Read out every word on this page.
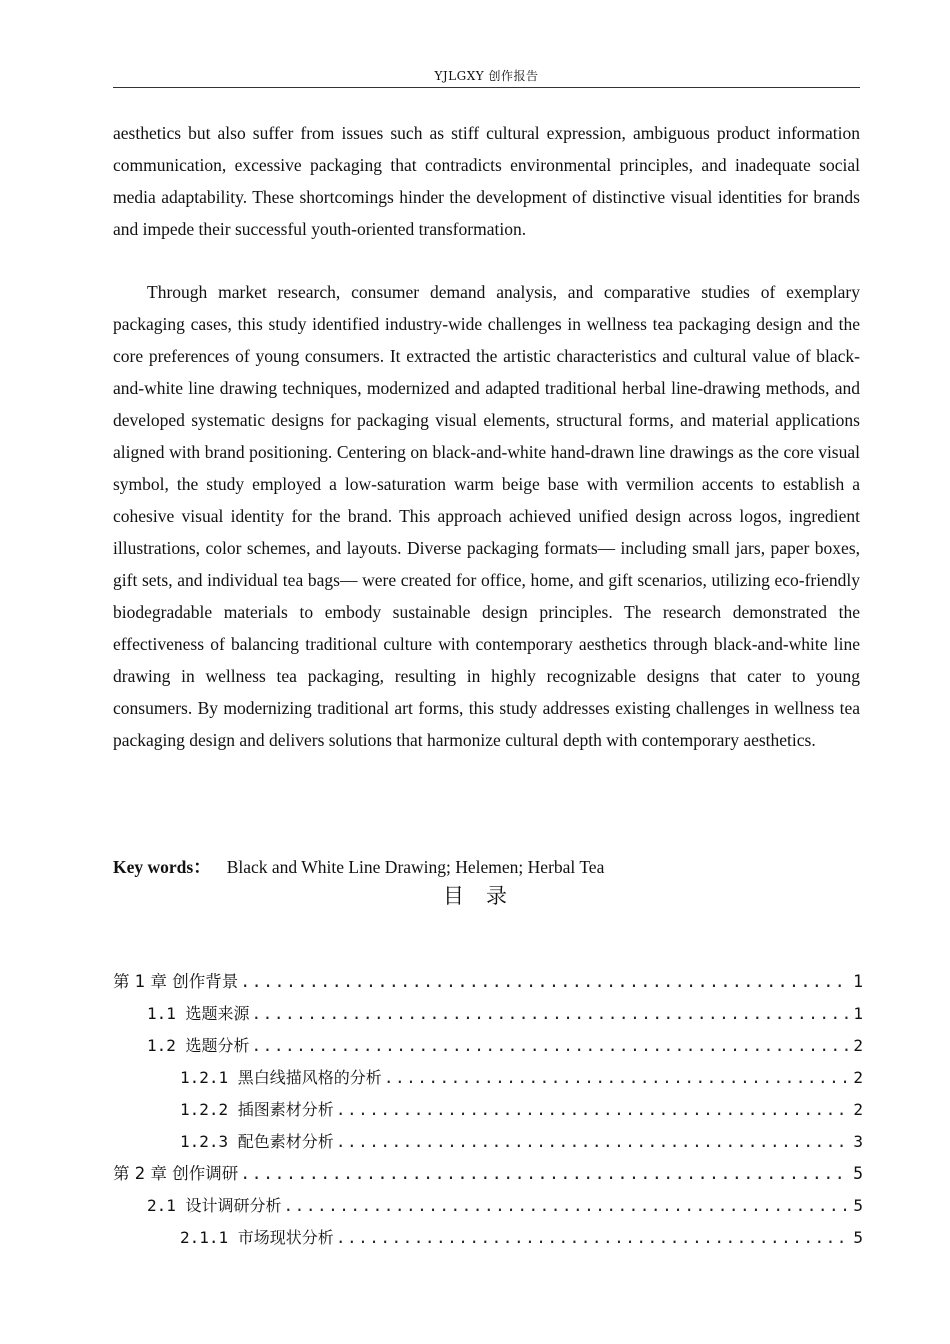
YJLGXY 创作报告

aesthetics but also suffer from issues such as stiff cultural expression, ambiguous product information communication, excessive packaging that contradicts environmental principles, and inadequate social media adaptability. These shortcomings hinder the development of distinctive visual identities for brands and impede their successful youth-oriented transformation.

Through market research, consumer demand analysis, and comparative studies of exemplary packaging cases, this study identified industry-wide challenges in wellness tea packaging design and the core preferences of young consumers. It extracted the artistic characteristics and cultural value of black-and-white line drawing techniques, modernized and adapted traditional herbal line-drawing methods, and developed systematic designs for packaging visual elements, structural forms, and material applications aligned with brand positioning. Centering on black-and-white hand-drawn line drawings as the core visual symbol, the study employed a low-saturation warm beige base with vermilion accents to establish a cohesive visual identity for the brand. This approach achieved unified design across logos, ingredient illustrations, color schemes, and layouts. Diverse packaging formats— including small jars, paper boxes, gift sets, and individual tea bags— were created for office, home, and gift scenarios, utilizing eco-friendly biodegradable materials to embody sustainable design principles. The research demonstrated the effectiveness of balancing traditional culture with contemporary aesthetics through black-and-white line drawing in wellness tea packaging, resulting in highly recognizable designs that cater to young consumers. By modernizing traditional art forms, this study addresses existing challenges in wellness tea packaging design and delivers solutions that harmonize cultural depth with contemporary aesthetics.

Key words： Black and White Line Drawing; Helemen; Herbal Tea
目录
第 1 章 创作背景 .....	1
1.1 选题来源 .....	1
1.2 选题分析 .....	2
1.2.1 黑白线描风格的分析 .....	2
1.2.2 插图素材分析 .....	2
1.2.3 配色素材分析 .....	3
第 2 章 创作调研 .....	5
2.1 设计调研分析 .....	5
2.1.1 市场现状分析 .....	5
